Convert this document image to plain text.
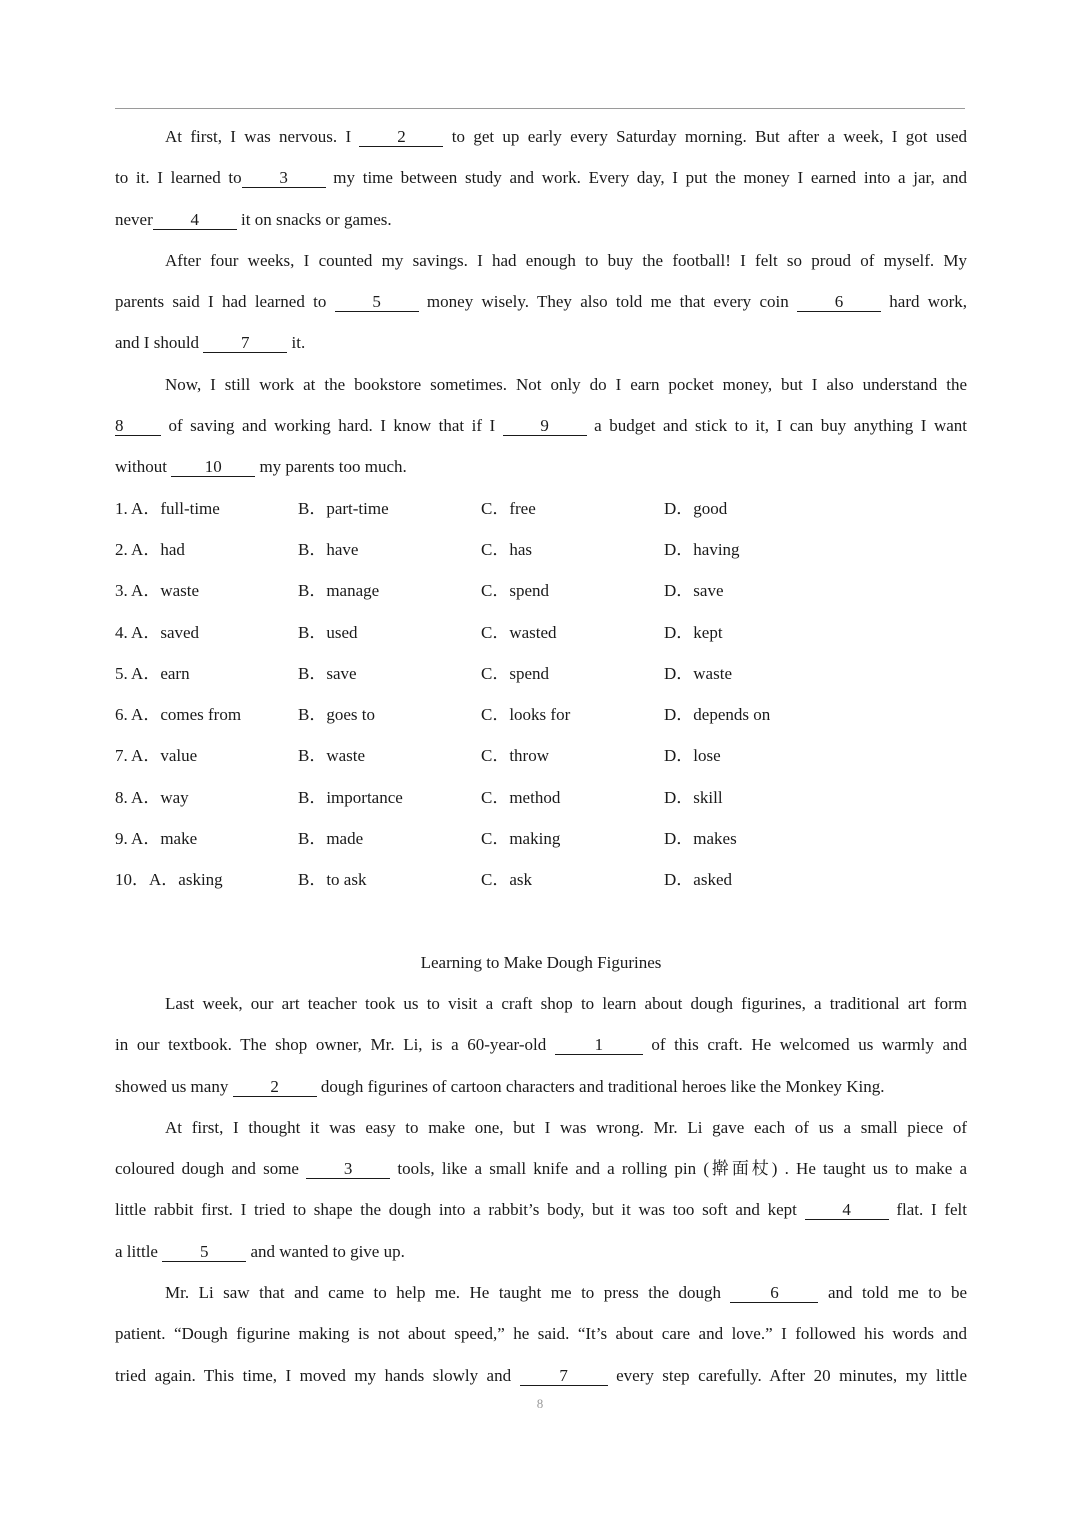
At first, I was nervous. I 2 to get up early every Saturday morning. But after a week, I got used
to it. I learned to 3 my time between study and work. Every day, I put the money I earned into a jar, and
never 4 it on snacks or games.
After four weeks, I counted my savings. I had enough to buy the football! I felt so proud of myself. My
parents said I had learned to 5 money wisely. They also told me that every coin 6 hard work,
and I should 7 it.
Now, I still work at the bookstore sometimes. Not only do I earn pocket money, but I also understand the
8 of saving and working hard. I know that if I 9 a budget and stick to it, I can buy anything I want
without 10 my parents too much.
1. A．full-time	B．part-time	C．free	D．good
2. A．had	B．have	C．has	D．having
3. A．waste	B．manage	C．spend	D．save
4. A．saved	B．used	C．wasted	D．kept
5. A．earn	B．save	C．spend	D．waste
6. A．comes from	B．goes to	C．looks for	D．depends on
7. A．value	B．waste	C．throw	D．lose
8. A．way	B．importance	C．method	D．skill
9. A．make	B．made	C．making	D．makes
10．A．asking	B．to ask	C．ask	D．asked
Learning to Make Dough Figurines
Last week, our art teacher took us to visit a craft shop to learn about dough figurines, a traditional art form
in our textbook. The shop owner, Mr. Li, is a 60-year-old 1 of this craft. He welcomed us warmly and
showed us many 2 dough figurines of cartoon characters and traditional heroes like the Monkey King.
At first, I thought it was easy to make one, but I was wrong. Mr. Li gave each of us a small piece of
coloured dough and some 3 tools, like a small knife and a rolling pin (擀面杖) . He taught us to make a
little rabbit first. I tried to shape the dough into a rabbit’s body, but it was too soft and kept 4 flat. I felt
a little 5 and wanted to give up.
Mr. Li saw that and came to help me. He taught me to press the dough 6 and told me to be
patient. “Dough figurine making is not about speed,” he said. “It’s about care and love.” I followed his words and
tried again. This time, I moved my hands slowly and 7 every step carefully. After 20 minutes, my little
8
